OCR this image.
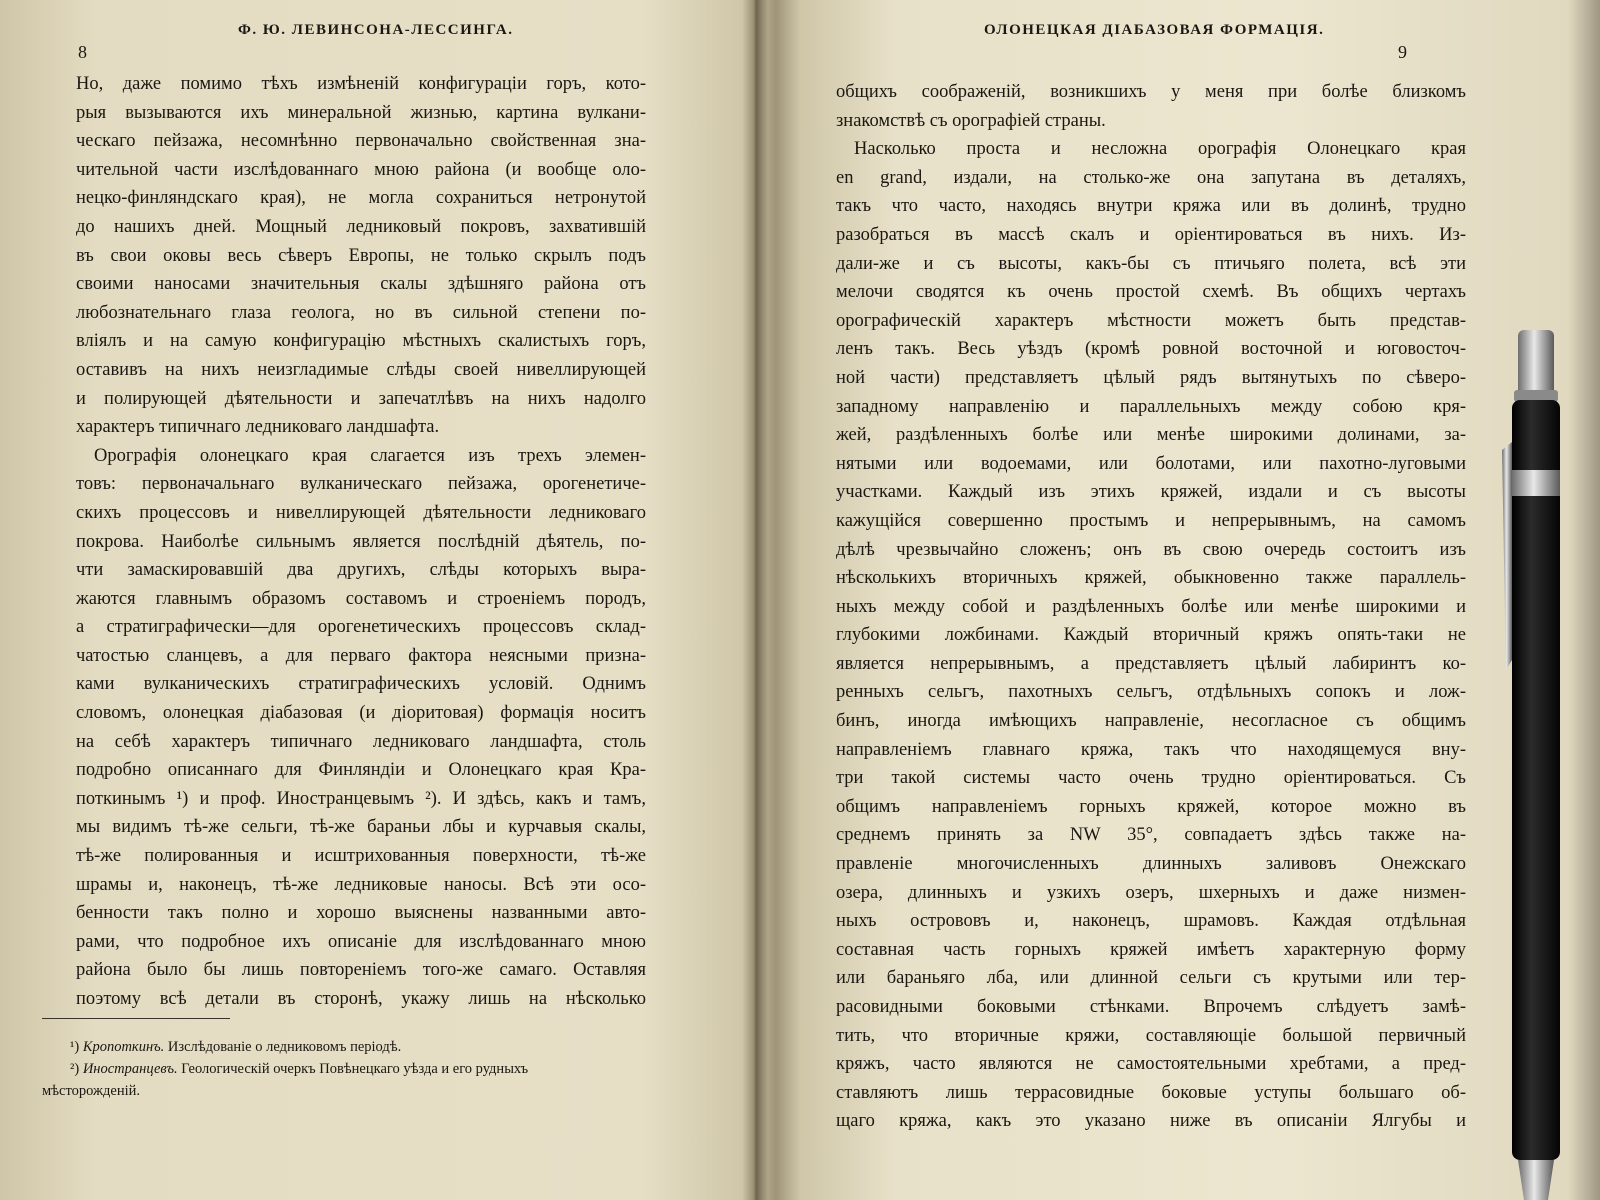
8
Ф. Ю. ЛЕВИНСОНА-ЛЕССИНГА.
Но, даже помимо тѣхъ измѣненій конфигураціи горъ, кото-
рыя вызываются ихъ минеральной жизнью, картина вулкани-
ческаго пейзажа, несомнѣнно первоначально свойственная зна-
чительной части изслѣдованнаго мною района (и вообще оло-
нецко-финляндскаго края), не могла сохраниться нетронутой
до нашихъ дней. Мощный ледниковый покровъ, захватившій
въ свои оковы весь сѣверъ Европы, не только скрылъ подъ
своими наносами значительныя скалы здѣшняго района отъ
любознательнаго глаза геолога, но въ сильной степени по-
вліялъ и на самую конфигурацію мѣстныхъ скалистыхъ горъ,
оставивъ на нихъ неизгладимые слѣды своей нивеллирующей
и полирующей дѣятельности и запечатлѣвъ на нихъ надолго
характеръ типичнаго ледниковаго ландшафта.
Орографія олонецкаго края слагается изъ трехъ элемен-
товъ: первоначальнаго вулканическаго пейзажа, орогенетиче-
скихъ процессовъ и нивеллирующей дѣятельности ледниковаго
покрова. Наиболѣе сильнымъ является послѣдній дѣятель, по-
чти замаскировавшій два другихъ, слѣды которыхъ выра-
жаются главнымъ образомъ составомъ и строеніемъ породъ,
а стратиграфически—для орогенетическихъ процессовъ склад-
чатостью сланцевъ, а для перваго фактора неясными призна-
ками вулканическихъ стратиграфическихъ условій. Однимъ
словомъ, олонецкая діабазовая (и діоритовая) формація носитъ
на себѣ характеръ типичнаго ледниковаго ландшафта, столь
подробно описаннаго для Финляндіи и Олонецкаго края Кра-
поткинымъ ¹) и проф. Иностранцевымъ ²). И здѣсь, какъ и тамъ,
мы видимъ тѣ-же сельги, тѣ-же бараньи лбы и курчавыя скалы,
тѣ-же полированныя и исштрихованныя поверхности, тѣ-же
шрамы и, наконецъ, тѣ-же ледниковые наносы. Всѣ эти осо-
бенности такъ полно и хорошо выяснены названными авто-
рами, что подробное ихъ описаніе для изслѣдованнаго мною
района было бы лишь повтореніемъ того-же самаго. Оставляя
поэтому всѣ детали въ сторонѣ, укажу лишь на нѣсколько
¹) Кропоткинъ. Изслѣдованіе о ледниковомъ періодѣ.
²) Иностранцевъ. Геологическій очеркъ Повѣнецкаго уѣзда и его рудныхъ
мѣсторожденій.
ОЛОНЕЦКАЯ ДІАБАЗОВАЯ ФОРМАЦІЯ.
9
общихъ соображеній, возникшихъ у меня при болѣе близкомъ
знакомствѣ съ орографіей страны.
Насколько проста и несложна орографія Олонецкаго края
en grand, издали, на столько-же она запутана въ деталяхъ,
такъ что часто, находясь внутри кряжа или въ долинѣ, трудно
разобраться въ массѣ скалъ и оріентироваться въ нихъ. Из-
дали-же и съ высоты, какъ-бы съ птичьяго полета, всѣ эти
мелочи сводятся къ очень простой схемѣ. Въ общихъ чертахъ
орографическій характеръ мѣстности можетъ быть представ-
ленъ такъ. Весь уѣздъ (кромѣ ровной восточной и юговосточ-
ной части) представляетъ цѣлый рядъ вытянутыхъ по сѣверо-
западному направленію и параллельныхъ между собою кря-
жей, раздѣленныхъ болѣе или менѣе широкими долинами, за-
нятыми или водоемами, или болотами, или пахотно-луговыми
участками. Каждый изъ этихъ кряжей, издали и съ высоты
кажущійся совершенно простымъ и непрерывнымъ, на самомъ
дѣлѣ чрезвычайно сложенъ; онъ въ свою очередь состоитъ изъ
нѣсколькихъ вторичныхъ кряжей, обыкновенно также параллель-
ныхъ между собой и раздѣленныхъ болѣе или менѣе широкими и
глубокими ложбинами. Каждый вторичный кряжъ опять-таки не
является непрерывнымъ, а представляетъ цѣлый лабиринтъ ко-
ренныхъ сельгъ, пахотныхъ сельгъ, отдѣльныхъ сопокъ и лож-
бинъ, иногда имѣющихъ направленіе, несогласное съ общимъ
направленіемъ главнаго кряжа, такъ что находящемуся вну-
три такой системы часто очень трудно оріентироваться. Съ
общимъ направленіемъ горныхъ кряжей, которое можно въ
среднемъ принять за NW 35°, совпадаетъ здѣсь также на-
правленіе многочисленныхъ длинныхъ заливовъ Онежскаго
озера, длинныхъ и узкихъ озеръ, шхерныхъ и даже низмен-
ныхъ острововъ и, наконецъ, шрамовъ. Каждая отдѣльная
составная часть горныхъ кряжей имѣетъ характерную форму
или бараньяго лба, или длинной сельги съ крутыми или тер-
расовидными боковыми стѣнками. Впрочемъ слѣдуетъ замѣ-
тить, что вторичные кряжи, составляющіе большой первичный
кряжъ, часто являются не самостоятельными хребтами, а пред-
ставляютъ лишь террасовидные боковые уступы большаго об-
щаго кряжа, какъ это указано ниже въ описаніи Ялгубы и
